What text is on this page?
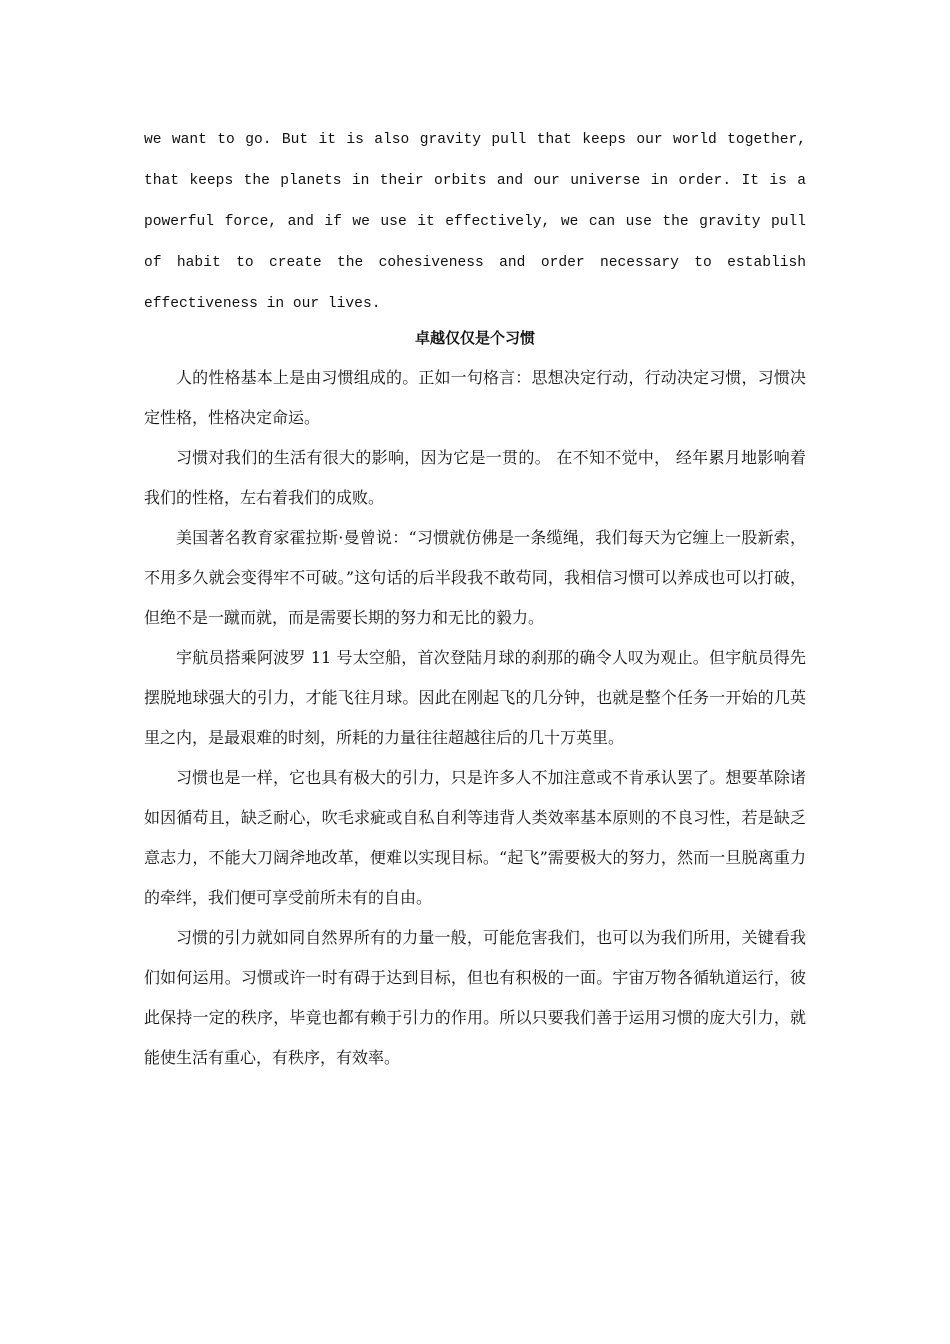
we want to go. But it is also gravity pull that keeps our world together, that keeps the planets in their orbits and our universe in order. It is a powerful force, and if we use it effectively, we can use the gravity pull of habit to create the cohesiveness and order necessary to establish effectiveness in our lives.

卓越仅仅是个习惯

人的性格基本上是由习惯组成的。正如一句格言：思想决定行动，行动决定习惯，习惯决定性格，性格决定命运。

习惯对我们的生活有很大的影响，因为它是一贯的。 在不知不觉中， 经年累月地影响着我们的性格，左右着我们的成败。

美国著名教育家霍拉斯·曼曾说：“习惯就仿佛是一条缆绳，我们每天为它缠上一股新索，不用多久就会变得牢不可破。”这句话的后半段我不敢苟同，我相信习惯可以养成也可以打破，但绝不是一蹴而就，而是需要长期的努力和无比的毅力。

宇航员搭乘阿波罗 11 号太空船，首次登陆月球的刹那的确令人叹为观止。但宇航员得先摆脱地球强大的引力，才能飞往月球。因此在刚起飞的几分钟，也就是整个任务一开始的几英里之内，是最艰难的时刻，所耗的力量往往超越往后的几十万英里。

习惯也是一样，它也具有极大的引力，只是许多人不加注意或不肯承认罢了。想要革除诸如因循苟且，缺乏耐心，吹毛求疵或自私自利等违背人类效率基本原则的不良习性，若是缺乏意志力，不能大刀阔斧地改革，便难以实现目标。“起飞”需要极大的努力，然而一旦脱离重力的牵绊，我们便可享受前所未有的自由。

习惯的引力就如同自然界所有的力量一般，可能危害我们，也可以为我们所用，关键看我们如何运用。习惯或许一时有碍于达到目标，但也有积极的一面。宇宙万物各循轨道运行，彼此保持一定的秩序，毕竟也都有赖于引力的作用。所以只要我们善于运用习惯的庞大引力，就能使生活有重心，有秩序，有效率。
